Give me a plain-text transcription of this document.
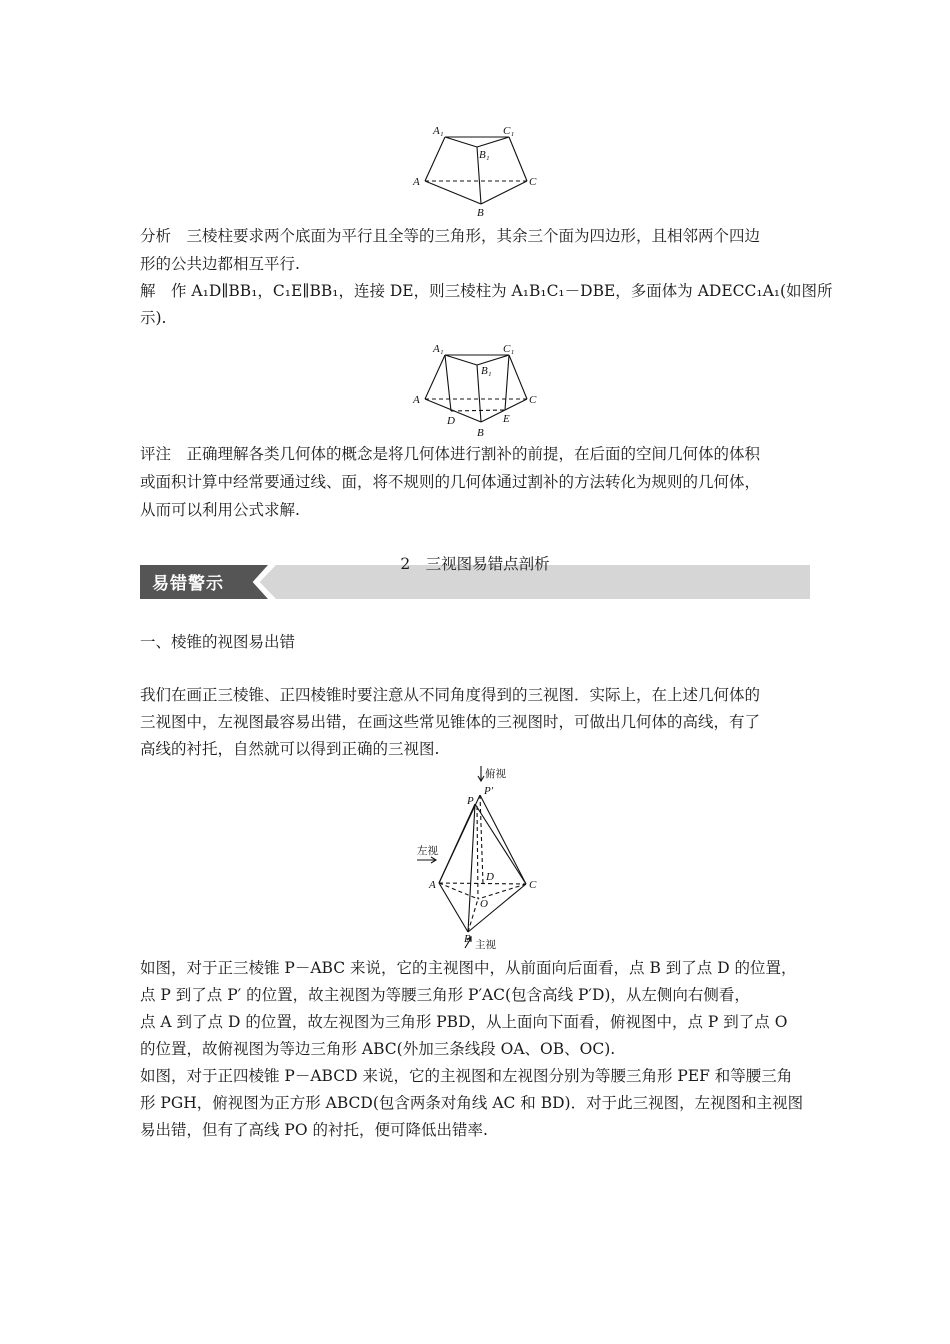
A₁	C₁
B₁
A	C
B
分析　三棱柱要求两个底面为平行且全等的三角形，其余三个面为四边形，且相邻两个四边
形的公共边都相互平行.
解　作 A₁D∥BB₁，C₁E∥BB₁，连接 DE，则三棱柱为 A₁B₁C₁－DBE，多面体为 ADECC₁A₁(如图所
示).
A₁	C₁
B₁
A	C
D	E
B
评注　正确理解各类几何体的概念是将几何体进行割补的前提，在后面的空间几何体的体积
或面积计算中经常要通过线、面，将不规则的几何体通过割补的方法转化为规则的几何体，
从而可以利用公式求解.
易错警示
2　三视图易错点剖析
一、棱锥的视图易出错
我们在画正三棱锥、正四棱锥时要注意从不同角度得到的三视图．实际上，在上述几何体的
三视图中，左视图最容易出错，在画这些常见锥体的三视图时，可做出几何体的高线，有了
高线的衬托，自然就可以得到正确的三视图.
俯视
左视
主视
P
P′
A	C
D
O
B
如图，对于正三棱锥 P－ABC 来说，它的主视图中，从前面向后面看，点 B 到了点 D 的位置，
点 P 到了点 P′ 的位置，故主视图为等腰三角形 P′AC(包含高线 P′D)，从左侧向右侧看，
点 A 到了点 D 的位置，故左视图为三角形 PBD，从上面向下面看，俯视图中，点 P 到了点 O
的位置，故俯视图为等边三角形 ABC(外加三条线段 OA、OB、OC).
如图，对于正四棱锥 P－ABCD 来说，它的主视图和左视图分别为等腰三角形 PEF 和等腰三角
形 PGH，俯视图为正方形 ABCD(包含两条对角线 AC 和 BD)．对于此三视图，左视图和主视图
易出错，但有了高线 PO 的衬托，便可降低出错率.
